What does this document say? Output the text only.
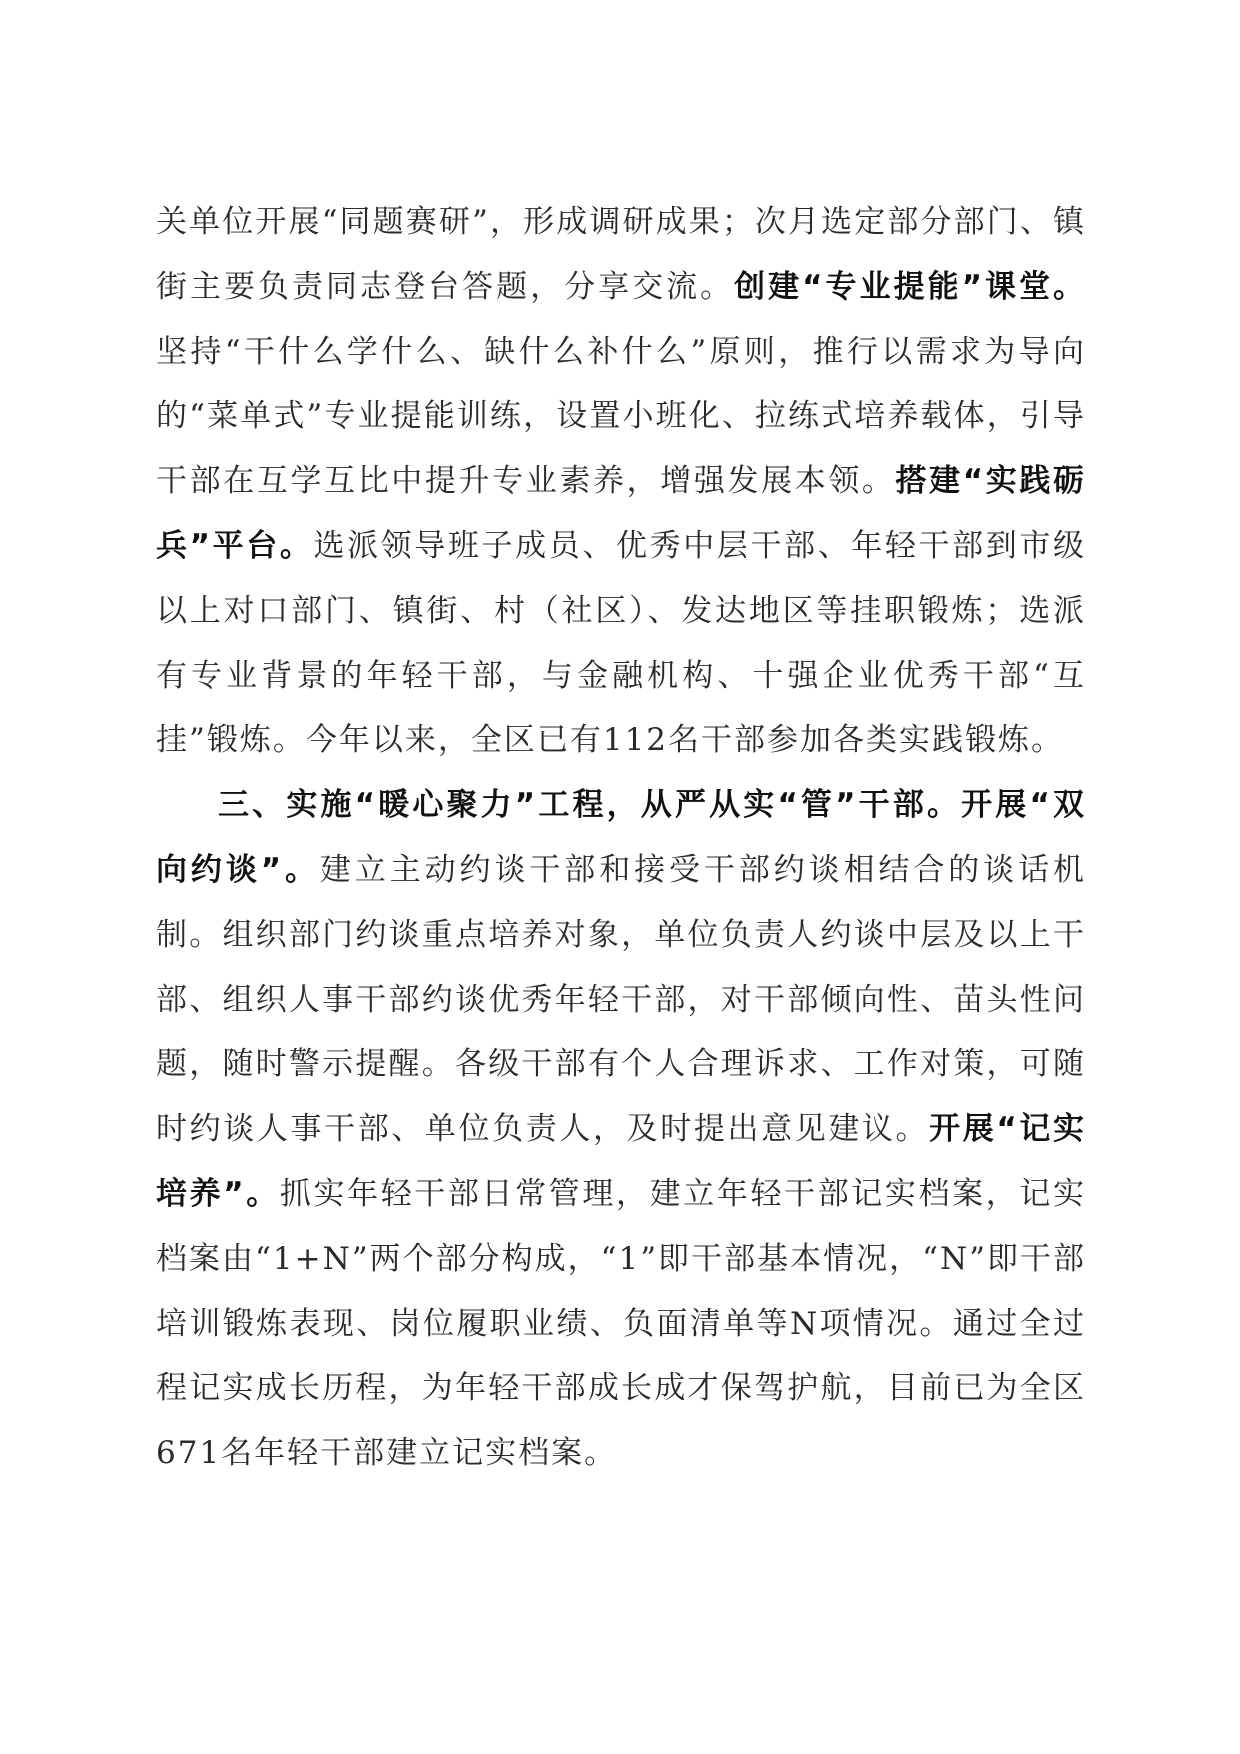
关单位开展“同题赛研”，形成调研成果；次月选定部分部门、镇街主要负责同志登台答题，分享交流。创建“专业提能”课堂。坚持“干什么学什么、缺什么补什么”原则，推行以需求为导向的“菜单式”专业提能训练，设置小班化、拉练式培养载体，引导干部在互学互比中提升专业素养，增强发展本领。搭建“实践砺兵”平台。选派领导班子成员、优秀中层干部、年轻干部到市级以上对口部门、镇街、村（社区）、发达地区等挂职锻炼；选派有专业背景的年轻干部，与金融机构、十强企业优秀干部“互挂”锻炼。今年以来，全区已有112名干部参加各类实践锻炼。

三、实施“暖心聚力”工程，从严从实“管”干部。开展“双向约谈”。建立主动约谈干部和接受干部约谈相结合的谈话机制。组织部门约谈重点培养对象，单位负责人约谈中层及以上干部、组织人事干部约谈优秀年轻干部，对干部倾向性、苗头性问题，随时警示提醒。各级干部有个人合理诉求、工作对策，可随时约谈人事干部、单位负责人，及时提出意见建议。开展“记实培养”。抓实年轻干部日常管理，建立年轻干部记实档案，记实档案由“1+N”两个部分构成，“1”即干部基本情况，“N”即干部培训锻炼表现、岗位履职业绩、负面清单等N项情况。通过全过程记实成长历程，为年轻干部成长成才保驾护航，目前已为全区671名年轻干部建立记实档案。
